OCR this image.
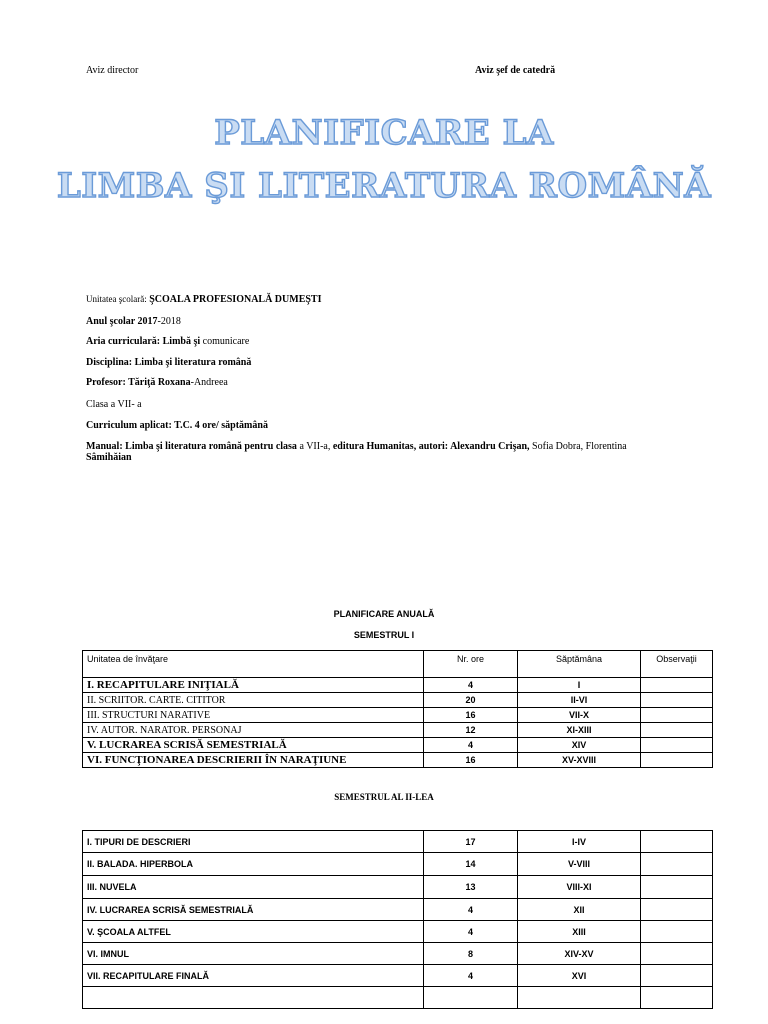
Aviz director	Aviz şef de catedră
PLANIFICARE LA
LIMBA ŞI LITERATURA ROMÂNĂ
Unitatea şcolară: ŞCOALA PROFESIONALĂ DUMEŞTI
Anul şcolar 2017-2018
Aria curriculară: Limbă şi comunicare
Disciplina: Limba şi literatura română
Profesor: Tăriţă Roxana-Andreea
Clasa a VII- a
Curriculum aplicat: T.C. 4 ore/ săptămână
Manual: Limba şi literatura română pentru clasa a VII-a, editura Humanitas, autori: Alexandru Crişan, Sofia Dobra, Florentina
Sâmihăian
PLANIFICARE ANUALĂ
SEMESTRUL I
Unitatea de învăţare	Nr. ore	Săptămâna	Observaţii
I. RECAPITULARE INIŢIALĂ	4	I	
II. SCRIITOR. CARTE. CITITOR	20	II-VI	
III. STRUCTURI NARATIVE	16	VII-X	
IV. AUTOR. NARATOR. PERSONAJ	12	XI-XIII	
V. LUCRAREA SCRISĂ SEMESTRIALĂ	4	XIV	
VI. FUNCŢIONAREA DESCRIERII ÎN NARAŢIUNE	16	XV-XVIII	
SEMESTRUL AL II-LEA
I. TIPURI DE DESCRIERI	17	I-IV	
II. BALADA. HIPERBOLA	14	V-VIII	
III. NUVELA	13	VIII-XI	
IV. LUCRAREA SCRISĂ SEMESTRIALĂ	4	XII	
V. ŞCOALA ALTFEL	4	XIII	
VI. IMNUL	8	XIV-XV	
VII. RECAPITULARE FINALĂ	4	XVI	
